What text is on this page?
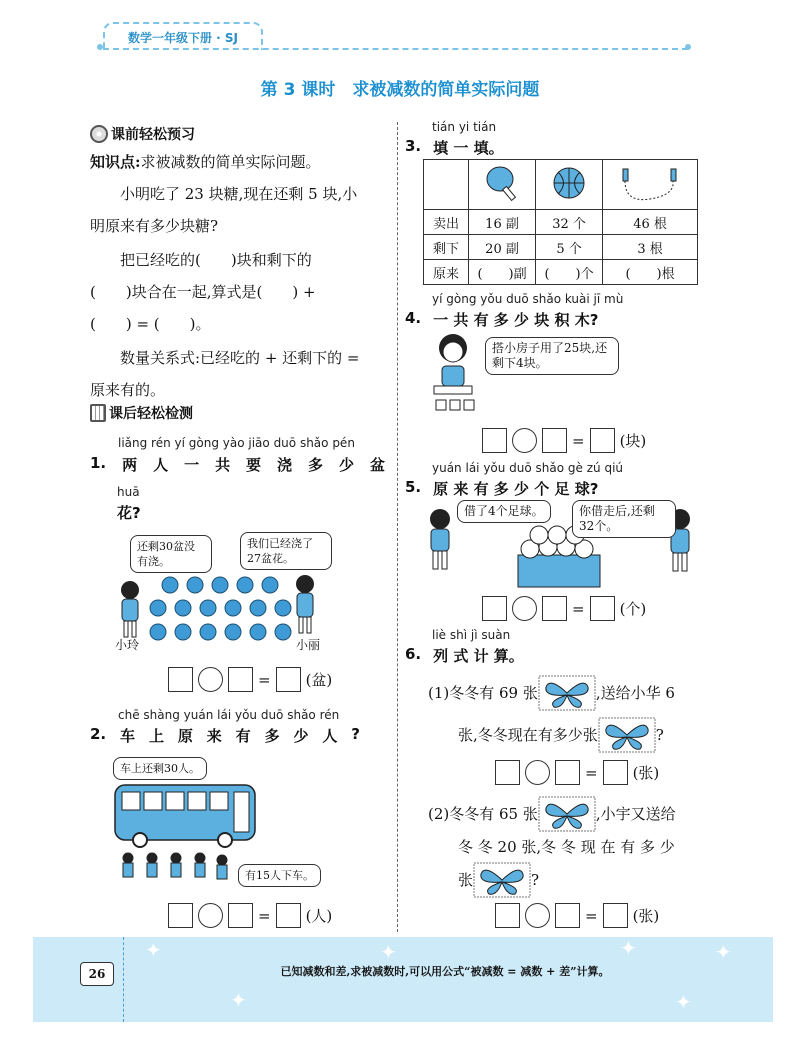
数学一年级下册 · SJ
第 3 课时　求被减数的简单实际问题
课前轻松预习
知识点:求被减数的简单实际问题。
小明吃了 23 块糖,现在还剩 5 块,小
明原来有多少块糖?
把已经吃的(　　)块和剩下的
(　　)块合在一起,算式是(　　) +
(　　) = (　　)。
数量关系式:已经吃的 + 还剩下的 =
原来有的。
课后轻松检测
liǎng rén yí gòng yào jiāo duō shǎo pén
1. 两 人 一 共 要 浇 多 少 盆
huā
花?
还剩30盆没有浇。
我们已经浇了27盆花。
小玲	小丽
= (盆)
chē shàng yuán lái yǒu duō shǎo rén
2. 车 上 原 来 有 多 少 人 ?
车上还剩30人。
有15人下车。
= (人)
tián yi tián
3. 填 一 填。

卖出	16 副	32 个	46 根
剩下	20 副	5 个	3 根
原来	(　　)副	(　　)个	(　　)根
yí gòng yǒu duō shǎo kuài jī mù
4. 一 共 有 多 少 块 积 木?
搭小房子用了25块,还剩下4块。
= (块)
yuán lái yǒu duō shǎo gè zú qiú
5. 原 来 有 多 少 个 足 球?
借了4个足球。	你借走后,还剩32个。
= (个)
liè shì jì suàn
6. 列 式 计 算。
(1)冬冬有 69 张	,送给小华 6
张,冬冬现在有多少张	?
= (张)
(2)冬冬有 65 张	,小宇又送给
冬 冬 20 张,冬 冬 现 在 有 多 少
张	?
= (张)
✦
✦
✦	✦	✦
✦
26	已知减数和差,求被减数时,可以用公式“被减数 = 减数 + 差”计算。
